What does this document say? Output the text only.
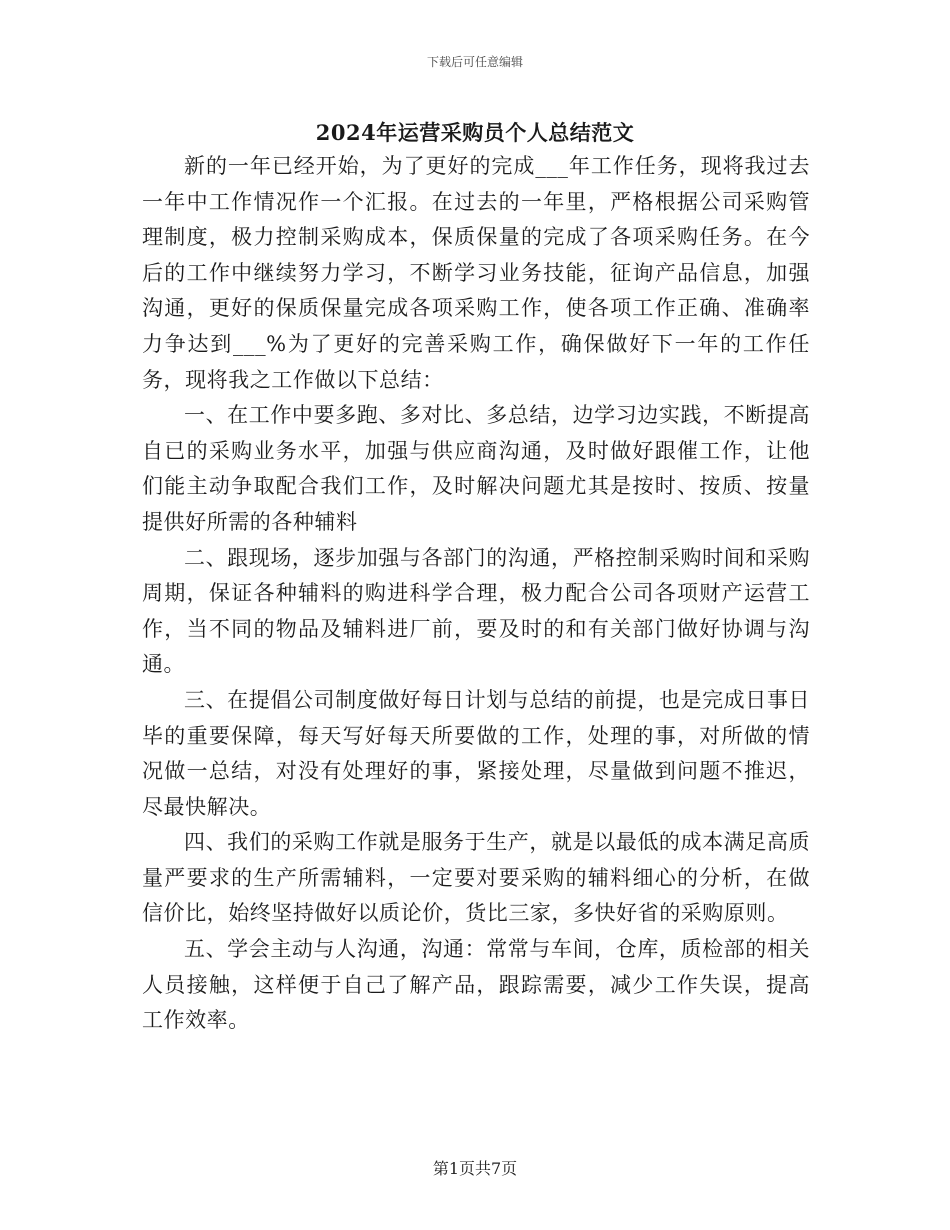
下载后可任意编辑
2024年运营采购员个人总结范文

新的一年已经开始，为了更好的完成___年工作任务，现将我过去一年中工作情况作一个汇报。在过去的一年里，严格根据公司采购管理制度，极力控制采购成本，保质保量的完成了各项采购任务。在今后的工作中继续努力学习，不断学习业务技能，征询产品信息，加强沟通，更好的保质保量完成各项采购工作，使各项工作正确、准确率力争达到___%为了更好的完善采购工作，确保做好下一年的工作任务，现将我之工作做以下总结：

一、在工作中要多跑、多对比、多总结，边学习边实践，不断提高自已的采购业务水平，加强与供应商沟通，及时做好跟催工作，让他们能主动争取配合我们工作，及时解决问题尤其是按时、按质、按量提供好所需的各种辅料

二、跟现场，逐步加强与各部门的沟通，严格控制采购时间和采购周期，保证各种辅料的购进科学合理，极力配合公司各项财产运营工作，当不同的物品及辅料进厂前，要及时的和有关部门做好协调与沟通。

三、在提倡公司制度做好每日计划与总结的前提，也是完成日事日毕的重要保障，每天写好每天所要做的工作，处理的事，对所做的情况做一总结，对没有处理好的事，紧接处理，尽量做到问题不推迟，尽最快解决。

四、我们的采购工作就是服务于生产，就是以最低的成本满足高质量严要求的生产所需辅料，一定要对要采购的辅料细心的分析，在做信价比，始终坚持做好以质论价，货比三家，多快好省的采购原则。

五、学会主动与人沟通，沟通：常常与车间，仓库，质检部的相关人员接触，这样便于自己了解产品，跟踪需要，减少工作失误，提高工作效率。

第1页共7页
